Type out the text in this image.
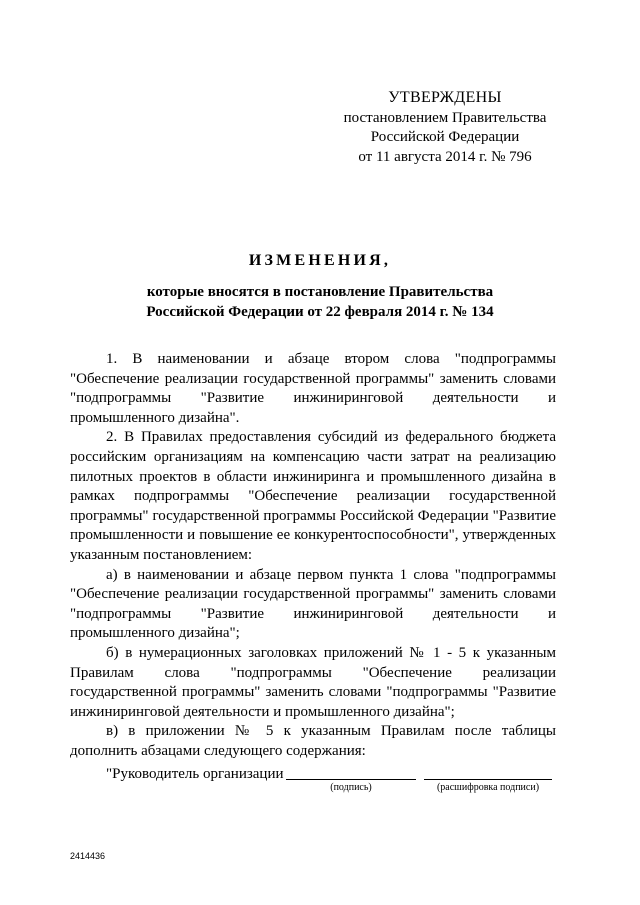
УТВЕРЖДЕНЫ
постановлением Правительства
Российской Федерации
от 11 августа 2014 г. № 796
ИЗМЕНЕНИЯ,
которые вносятся в постановление Правительства
Российской Федерации от 22 февраля 2014 г. № 134

1. В наименовании и абзаце втором слова "подпрограммы "Обеспечение реализации государственной программы" заменить словами "подпрограммы "Развитие инжиниринговой деятельности и промышленного дизайна".

2. В Правилах предоставления субсидий из федерального бюджета российским организациям на компенсацию части затрат на реализацию пилотных проектов в области инжиниринга и промышленного дизайна в рамках подпрограммы "Обеспечение реализации государственной программы" государственной программы Российской Федерации "Развитие промышленности и повышение ее конкурентоспособности", утвержденных указанным постановлением:

а) в наименовании и абзаце первом пункта 1 слова "подпрограммы "Обеспечение реализации государственной программы" заменить словами "подпрограммы "Развитие инжиниринговой деятельности и промышленного дизайна";

б) в нумерационных заголовках приложений № 1 - 5 к указанным Правилам слова "подпрограммы "Обеспечение реализации государственной программы" заменить словами "подпрограммы "Развитие инжиниринговой деятельности и промышленного дизайна";

в) в приложении № 5 к указанным Правилам после таблицы дополнить абзацами следующего содержания:

"Руководитель организации
(подпись)	(расшифровка подписи)
2414436
